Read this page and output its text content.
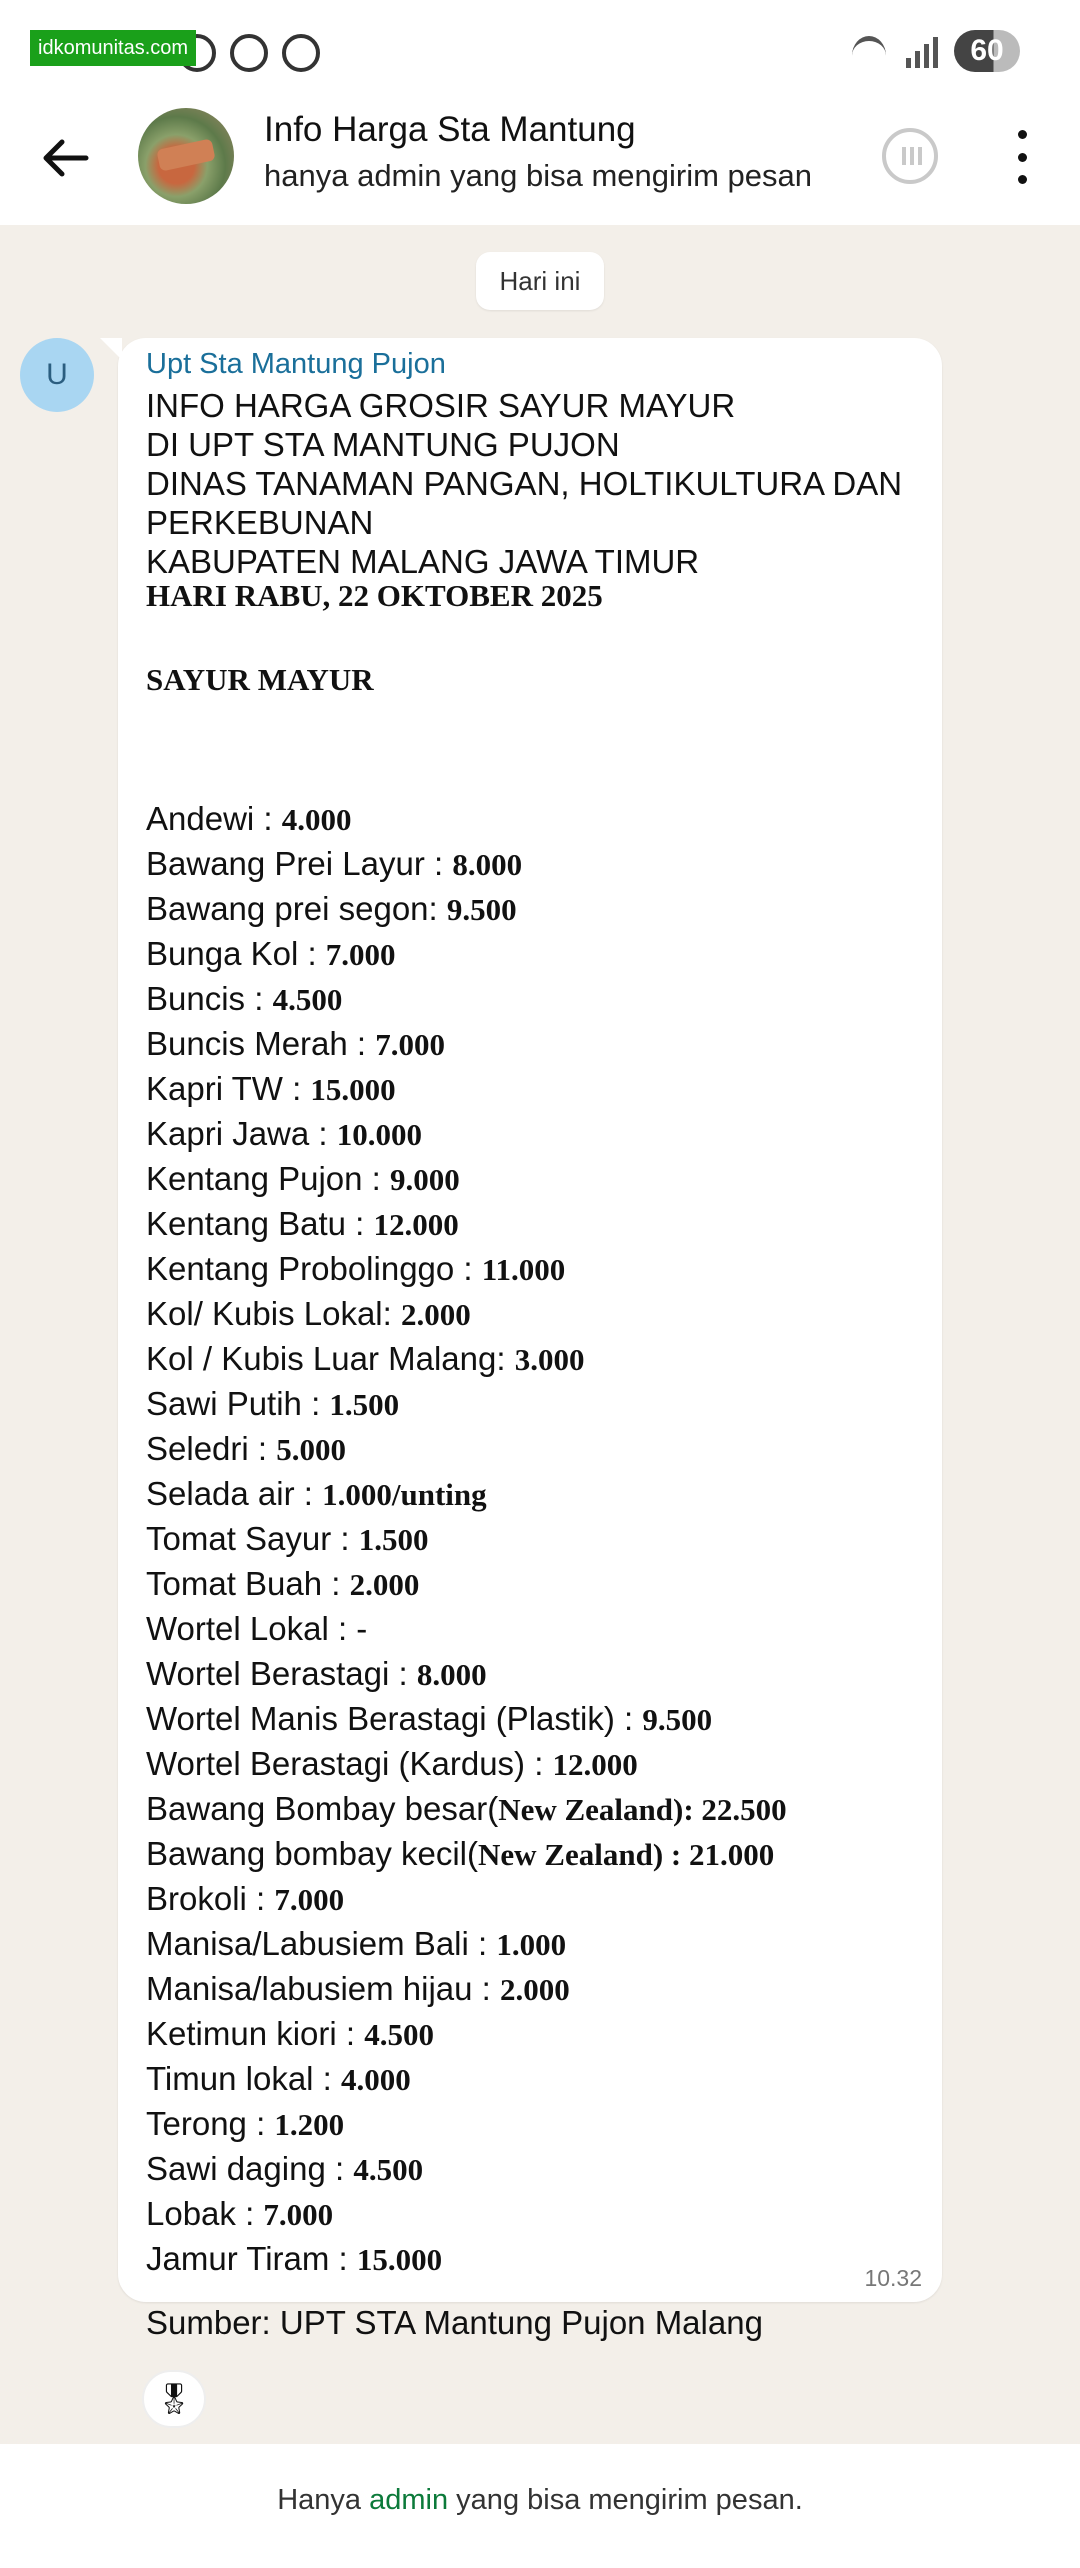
idkomunitas.com	60
Info Harga Sta Mantung
hanya admin yang bisa mengirim pesan
Hari ini
U	Upt Sta Mantung Pujon
INFO HARGA GROSIR SAYUR MAYUR
DI UPT STA MANTUNG PUJON
DINAS TANAMAN PANGAN, HOLTIKULTURA DAN
PERKEBUNAN
KABUPATEN MALANG JAWA TIMUR
HARI RABU, 22 OKTOBER 2025
SAYUR MAYUR
Andewi : 4.000
Bawang Prei Layur : 8.000
Bawang prei segon: 9.500
Bunga Kol : 7.000
Buncis : 4.500
Buncis Merah : 7.000
Kapri TW : 15.000
Kapri Jawa : 10.000
Kentang Pujon : 9.000
Kentang Batu : 12.000
Kentang Probolinggo : 11.000
Kol/ Kubis Lokal: 2.000
Kol / Kubis Luar Malang: 3.000
Sawi Putih : 1.500
Seledri : 5.000
Selada air : 1.000/unting
Tomat Sayur : 1.500
Tomat Buah : 2.000
Wortel Lokal : -
Wortel Berastagi : 8.000
Wortel Manis Berastagi (Plastik) : 9.500
Wortel Berastagi (Kardus) : 12.000
Bawang Bombay besar(New Zealand): 22.500
Bawang bombay kecil(New Zealand) : 21.000
Brokoli : 7.000
Manisa/Labusiem Bali : 1.000
Manisa/labusiem hijau : 2.000
Ketimun kiori : 4.500
Timun lokal : 4.000
Terong : 1.200
Sawi daging : 4.500
Lobak : 7.000
Jamur Tiram : 15.000
Sumber: UPT STA Mantung Pujon Malang
10.32
🎖
Hanya admin yang bisa mengirim pesan.
